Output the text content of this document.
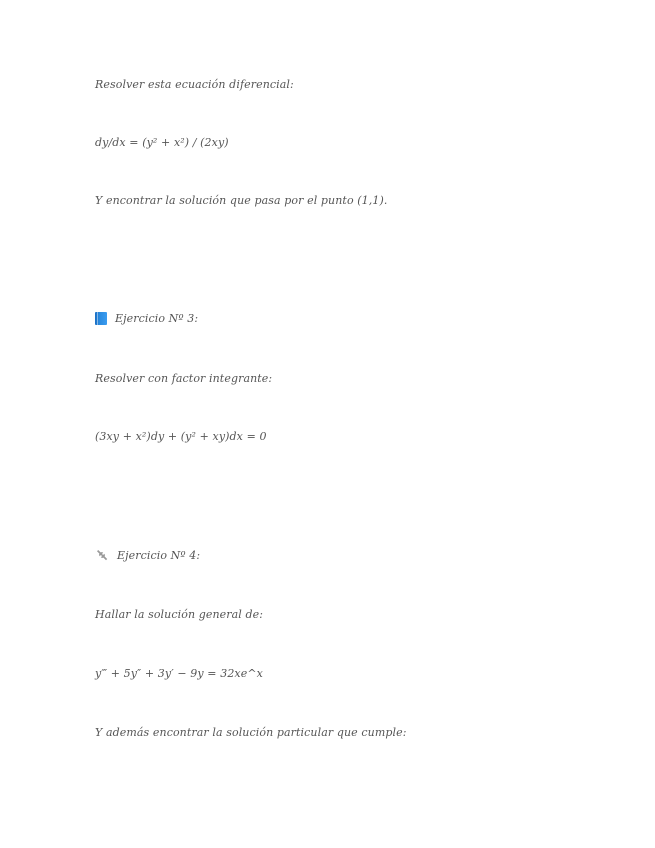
Resolver esta ecuación diferencial:
dy/dx = (y² + x²) / (2xy)
Y encontrar la solución que pasa por el punto (1,1).
Ejercicio Nº 3:
Resolver con factor integrante:
(3xy + x²)dy + (y² + xy)dx = 0
Ejercicio Nº 4:
Hallar la solución general de:
y‴ + 5y″ + 3y′ − 9y = 32xe^x
Y además encontrar la solución particular que cumple:
